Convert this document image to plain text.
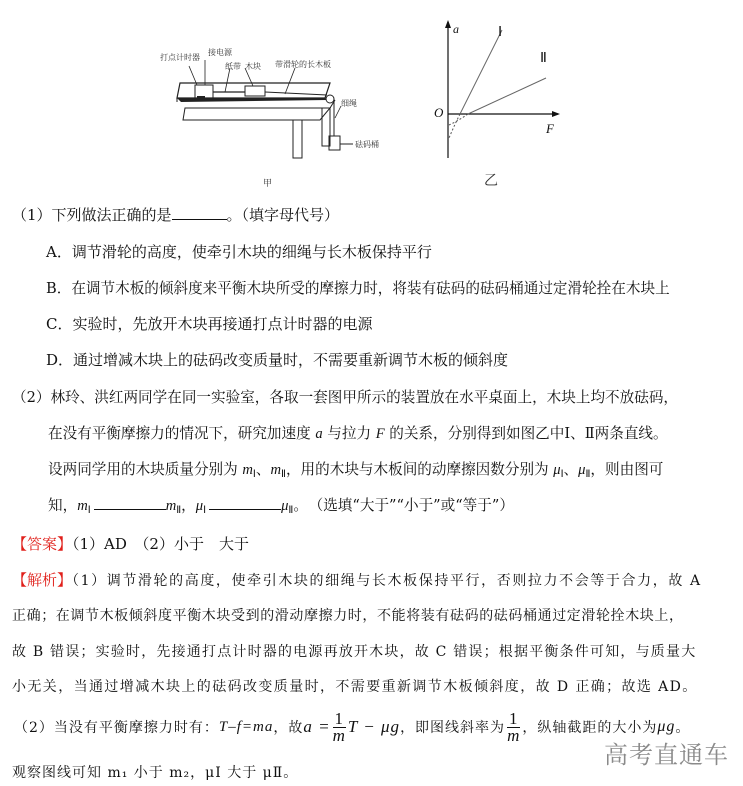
打点计时器
接电源
纸带 木块 带滑轮的长木板
细绳
砝码桶
甲
a
O
F
Ⅰ
Ⅱ
乙
（1）下列做法正确的是	。（填字母代号）
A．调节滑轮的高度，使牵引木块的细绳与长木板保持平行
B．在调节木板的倾斜度来平衡木块所受的摩擦力时，将装有砝码的砝码桶通过定滑轮拴在木块上
C．实验时，先放开木块再接通打点计时器的电源
D．通过增减木块上的砝码改变质量时，不需要重新调节木板的倾斜度
（2）林玲、洪红两同学在同一实验室，各取一套图甲所示的装置放在水平桌面上，木块上均不放砝码，
在没有平衡摩擦力的情况下，研究加速度 a 与拉力 F 的关系，分别得到如图乙中Ⅰ、Ⅱ两条直线。
设两同学用的木块质量分别为 $m_Ⅰ$、$m_Ⅱ$，用的木块与木板间的动摩擦因数分别为 $\mu_Ⅰ$、$\mu_Ⅱ$，则由图可
知，$m_Ⅰ$	$m_Ⅱ$，$\mu_Ⅰ$	$\mu_Ⅱ$。 （选填“大于”“小于”或“等于”）
【答案】（1）AD　（2）小于　大于
【解析】（1）调节滑轮的高度，使牵引木块的细绳与长木板保持平行，否则拉力不会等于合力，故 A
正确；在调节木板倾斜度平衡木块受到的滑动摩擦力时，不能将装有砝码的砝码桶通过定滑轮拴木块上，
故 B 错误；实验时，先接通打点计时器的电源再放开木块，故 C 错误；根据平衡条件可知，与质量大
小无关，当通过增减木块上的砝码改变质量时，不需要重新调节木板倾斜度，故 D 正确；故选 AD。
（2）当没有平衡摩擦力时有： T–f=ma ，故 $a = \frac{1}{m}$ T − μg ，即图线斜率为 $\frac{1}{m}$ ，纵轴截距的大小为 μg 。
观察图线可知 m₁ 小于 m₂，μⅠ 大于 μⅡ。
高考直通车
